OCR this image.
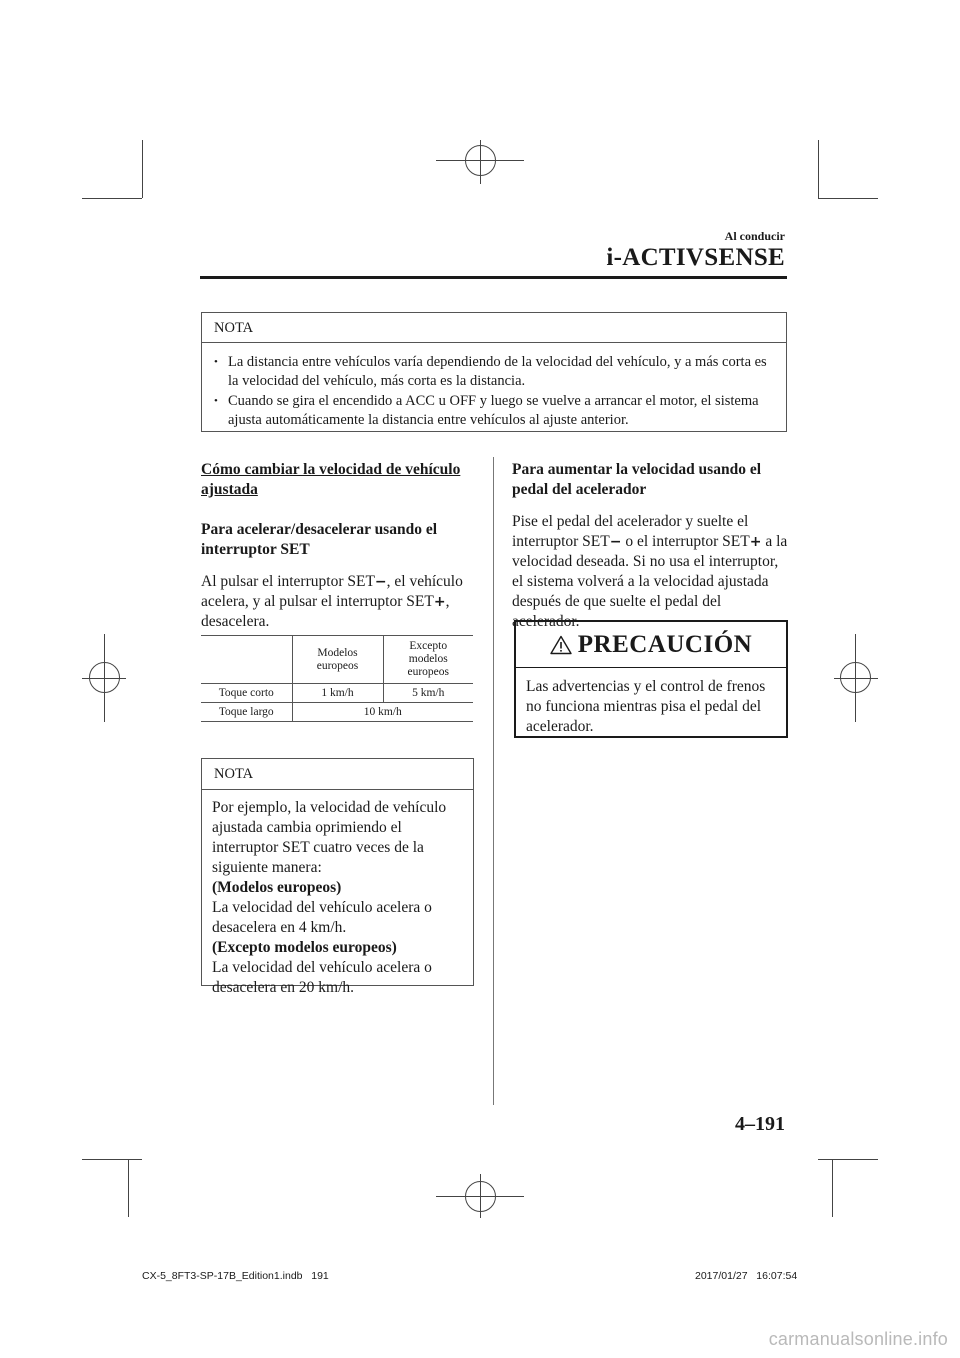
Al conducir
i-ACTIVSENSE
NOTA
• La distancia entre vehículos varía dependiendo de la velocidad del vehículo, y a más corta es la velocidad del vehículo, más corta es la distancia.
• Cuando se gira el encendido a ACC u OFF y luego se vuelve a arrancar el motor, el sistema ajusta automáticamente la distancia entre vehículos al ajuste anterior.
Cómo cambiar la velocidad de vehículo ajustada
Para acelerar/desacelerar usando el interruptor SET
Al pulsar el interruptor SET−, el vehículo acelera, y al pulsar el interruptor SET+, desacelera.
	Modelos europeos	Excepto modelos europeos
Toque corto	1 km/h	5 km/h
Toque largo	10 km/h	
NOTA
Por ejemplo, la velocidad de vehículo ajustada cambia oprimiendo el interruptor SET cuatro veces de la siguiente manera:
(Modelos europeos)
La velocidad del vehículo acelera o desacelera en 4 km/h.
(Excepto modelos europeos)
La velocidad del vehículo acelera o desacelera en 20 km/h.
Para aumentar la velocidad usando el pedal del acelerador
Pise el pedal del acelerador y suelte el interruptor SET− o el interruptor SET+ a la velocidad deseada. Si no usa el interruptor, el sistema volverá a la velocidad ajustada después de que suelte el pedal del acelerador.
PRECAUCIÓN
Las advertencias y el control de frenos no funciona mientras pisa el pedal del acelerador.
4–191
CX-5_8FT3-SP-17B_Edition1.indb   191	2017/01/27   16:07:54
carmanualsonline.info
